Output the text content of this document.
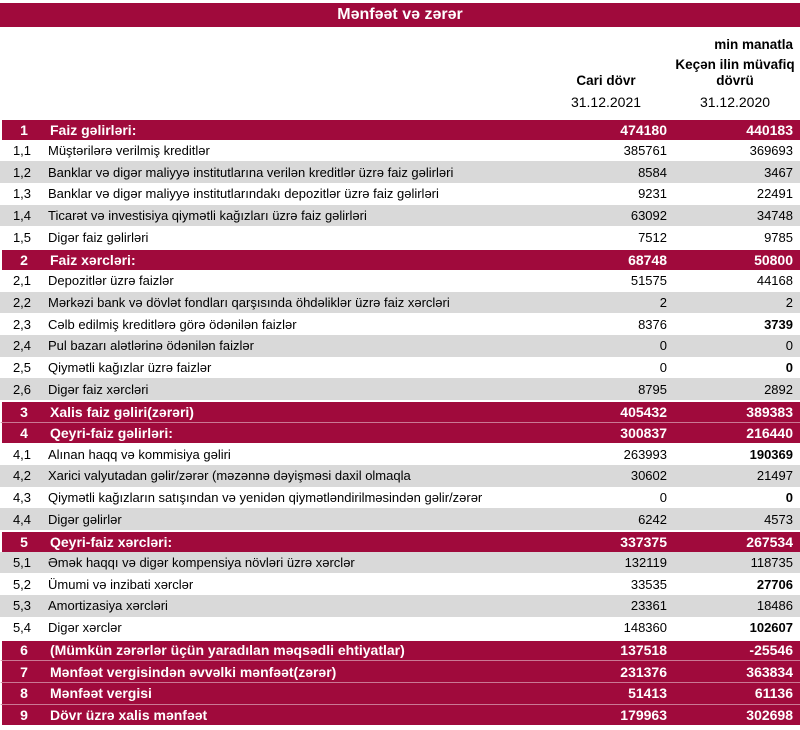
Mənfəət və zərər
min manatla
Cari dövr
Keçən ilin müvafiq dövrü
31.12.2021	31.12.2020
1	Faiz gəlirləri:	474180	440183
1,1	Müştərilərə verilmiş kreditlər	385761	369693
1,2	Banklar və digər maliyyə institutlarına verilən kreditlər üzrə faiz gəlirləri	8584	3467
1,3	Banklar və digər maliyyə institutlarındakı depozitlər üzrə faiz gəlirləri	9231	22491
1,4	Ticarət və investisiya qiymətli kağızları üzrə faiz gəlirləri	63092	34748
1,5	Digər faiz gəlirləri	7512	9785
2	Faiz xərcləri:	68748	50800
2,1	Depozitlər üzrə faizlər	51575	44168
2,2	Mərkəzi bank və dövlət fondları qarşısında öhdəliklər üzrə faiz xərcləri	2	2
2,3	Cəlb edilmiş kreditlərə görə ödənilən faizlər	8376	3739
2,4	Pul bazarı alətlərinə ödənilən faizlər	0	0
2,5	Qiymətli kağızlar üzrə faizlər	0	0
2,6	Digər faiz xərcləri	8795	2892
3	Xalis faiz gəliri(zərəri)	405432	389383
4	Qeyri-faiz gəlirləri:	300837	216440
4,1	Alınan haqq və kommisiya gəliri	263993	190369
4,2	Xarici valyutadan gəlir/zərər (məzənnə dəyişməsi daxil olmaqla	30602	21497
4,3	Qiymətli kağızların satışından və yenidən qiymətləndirilməsindən gəlir/zərər	0	0
4,4	Digər gəlirlər	6242	4573
5	Qeyri-faiz xərcləri:	337375	267534
5,1	Əmək haqqı və digər kompensiya növləri üzrə xərclər	132119	118735
5,2	Ümumi və inzibati xərclər	33535	27706
5,3	Amortizasiya xərcləri	23361	18486
5,4	Digər xərclər	148360	102607
6	(Mümkün zərərlər üçün yaradılan məqsədli ehtiyatlar)	137518	-25546
7	Mənfəət vergisindən əvvəlki mənfəət(zərər)	231376	363834
8	Mənfəət vergisi	51413	61136
9	Dövr üzrə xalis mənfəət	179963	302698
